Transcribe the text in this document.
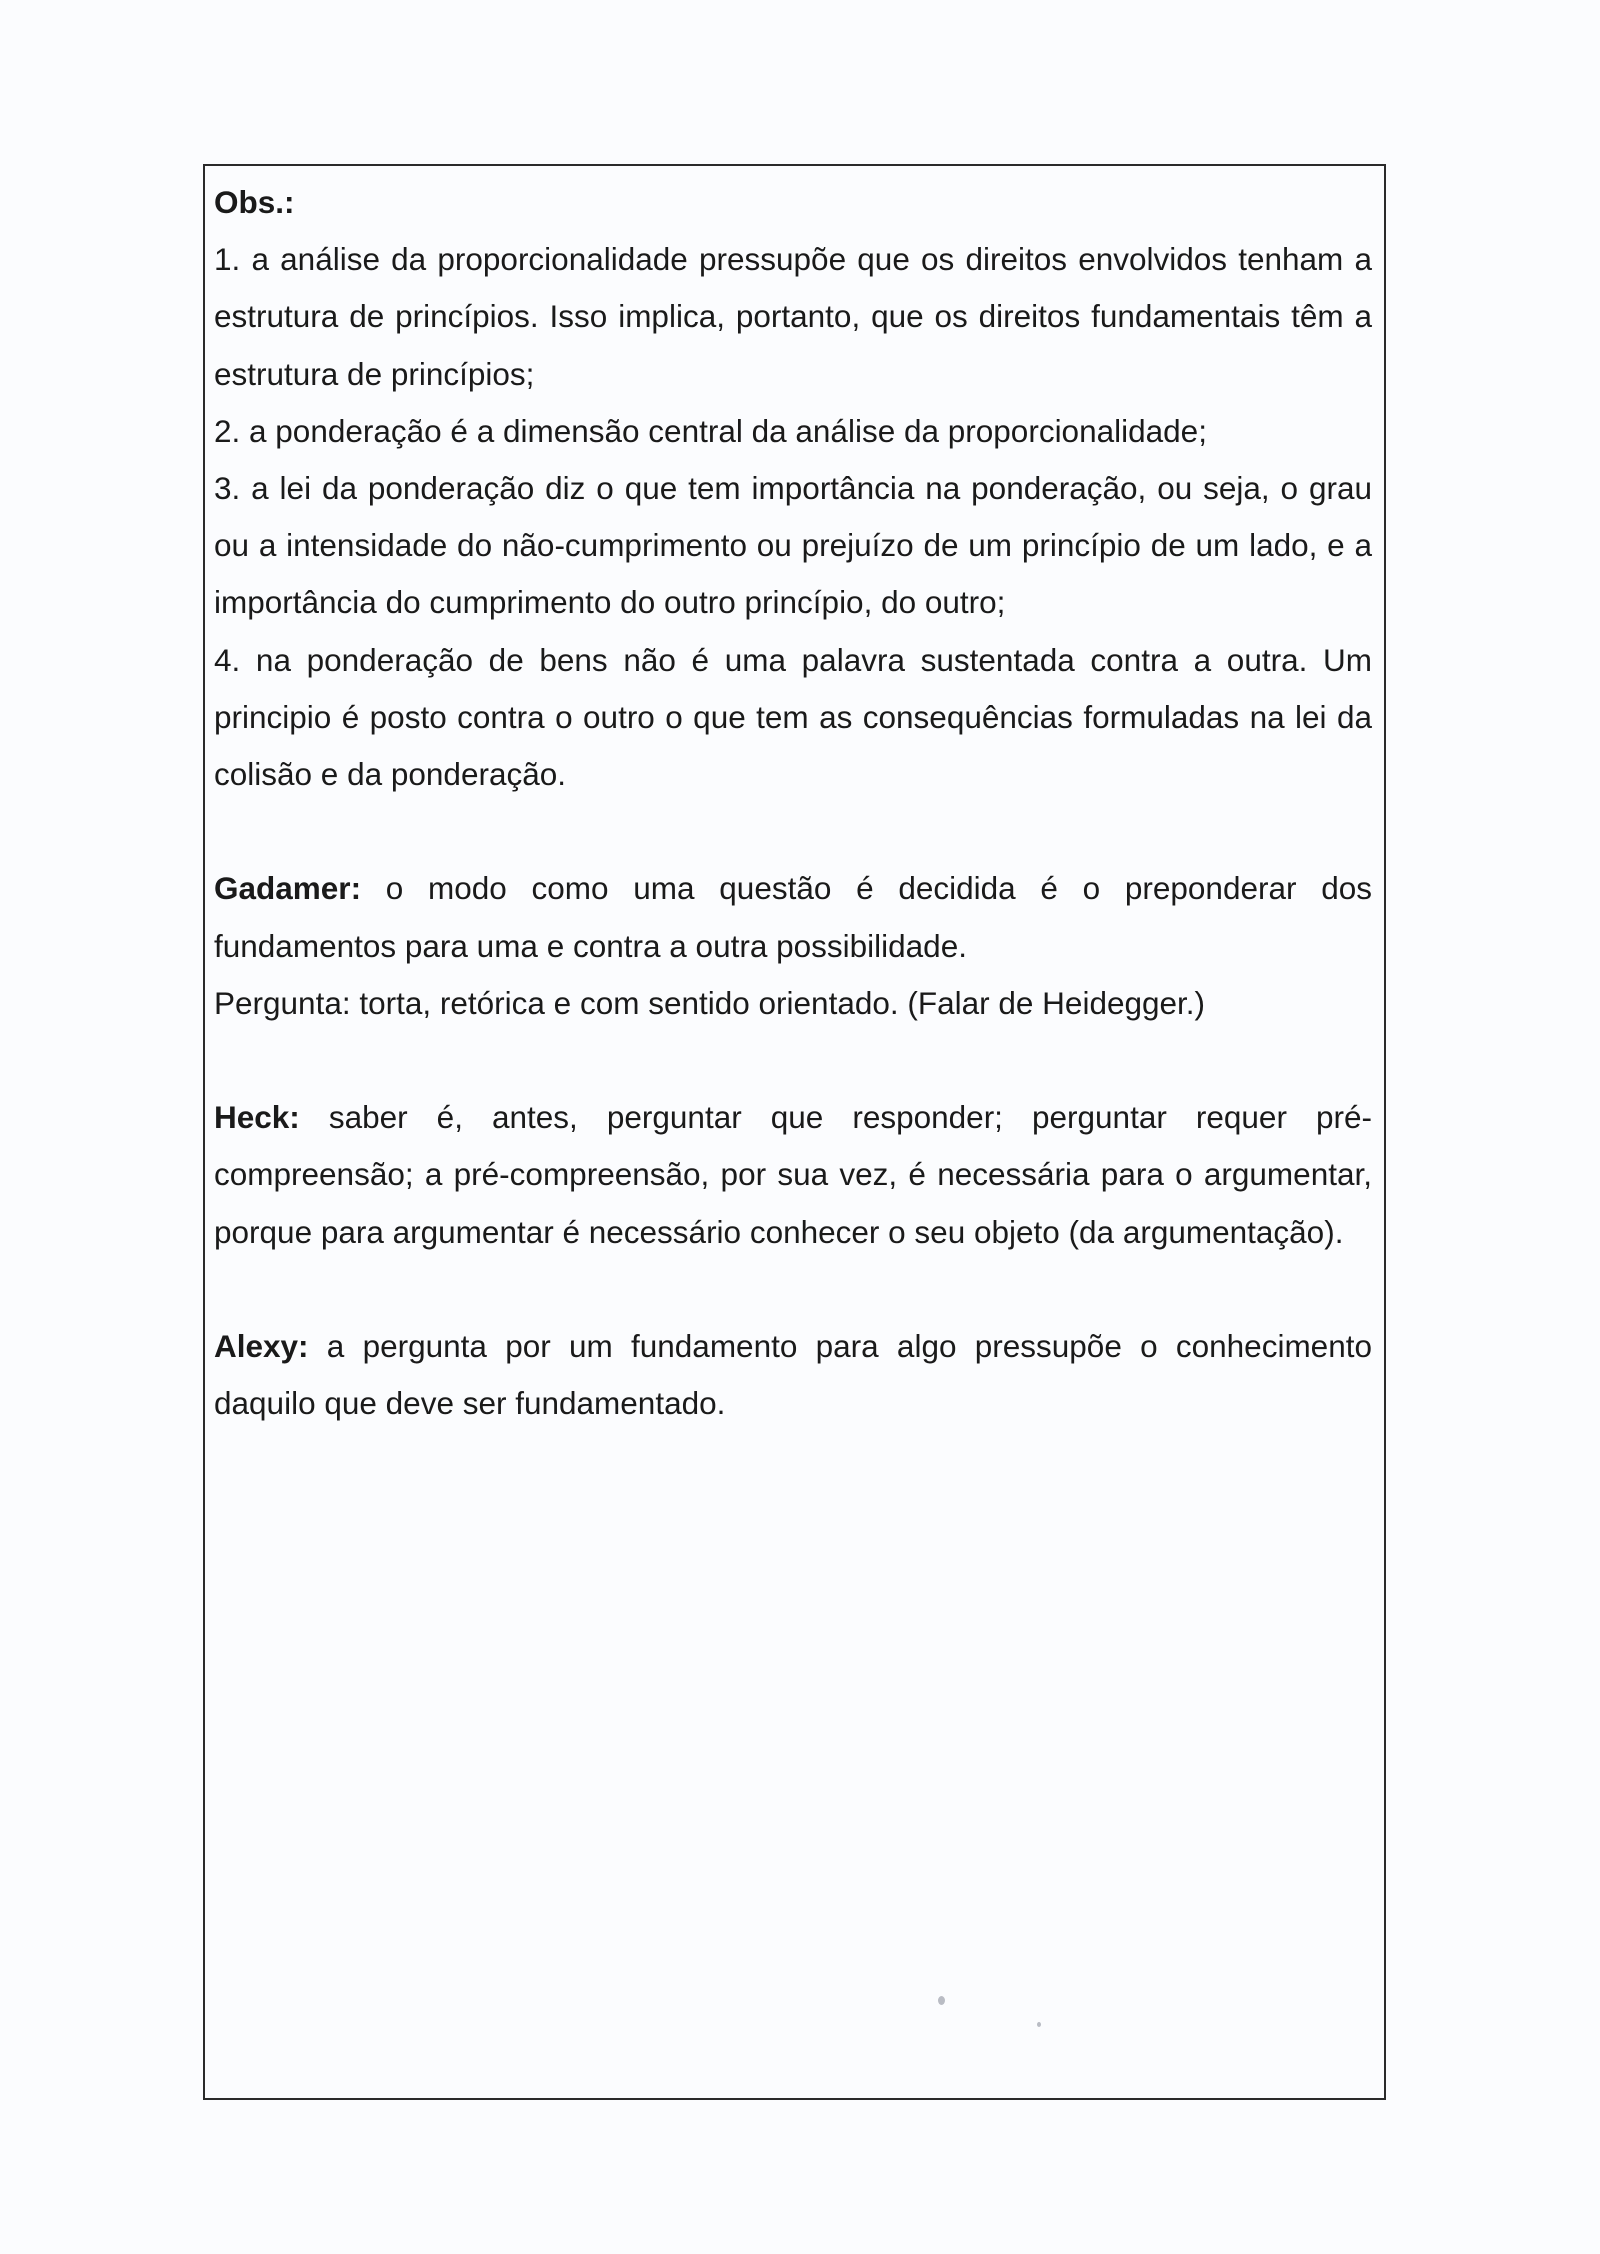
Obs.:

1. a análise da proporcionalidade pressupõe que os direitos envolvidos tenham a estrutura de princípios. Isso implica, portanto, que os direitos fundamentais têm a estrutura de princípios;

2. a ponderação é a dimensão central da análise da proporcionalidade;

3. a lei da ponderação diz o que tem importância na ponderação, ou seja, o grau ou a intensidade do não-cumprimento ou prejuízo de um princípio de um lado, e a importância do cumprimento do outro princípio, do outro;

4. na ponderação de bens não é uma palavra sustentada contra a outra. Um principio é posto contra o outro o que tem as consequências formuladas na lei da colisão e da ponderação.

Gadamer: o modo como uma questão é decidida é o preponderar dos fundamentos para uma e contra a outra possibilidade.

Pergunta: torta, retórica e com sentido orientado. (Falar de Heidegger.)

Heck: saber é, antes, perguntar que responder; perguntar requer pré-compreensão; a pré-compreensão, por sua vez, é necessária para o argumentar, porque para argumentar é necessário conhecer o seu objeto (da argumentação).

Alexy: a pergunta por um fundamento para algo pressupõe o conhecimento daquilo que deve ser fundamentado.
